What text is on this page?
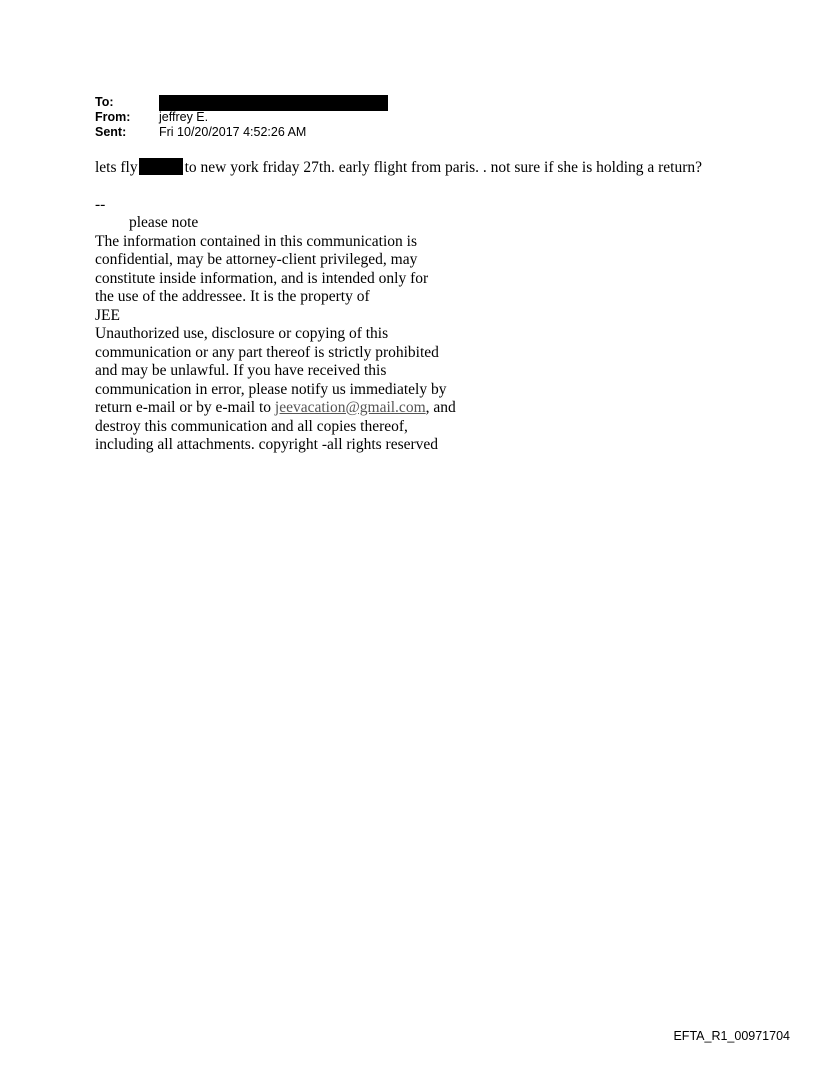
To:
From:	jeffrey E.
Sent:	Fri 10/20/2017 4:52:26 AM
lets fly	to new york friday 27th. early flight from paris. . not sure if she is holding a return?
--
please note
The information contained in this communication is
confidential, may be attorney-client privileged, may
constitute inside information, and is intended only for
the use of the addressee. It is the property of
JEE
Unauthorized use, disclosure or copying of this
communication or any part thereof is strictly prohibited
and may be unlawful. If you have received this
communication in error, please notify us immediately by
return e-mail or by e-mail to jeevacation@gmail.com, and
destroy this communication and all copies thereof,
including all attachments. copyright -all rights reserved
EFTA_R1_00971704
